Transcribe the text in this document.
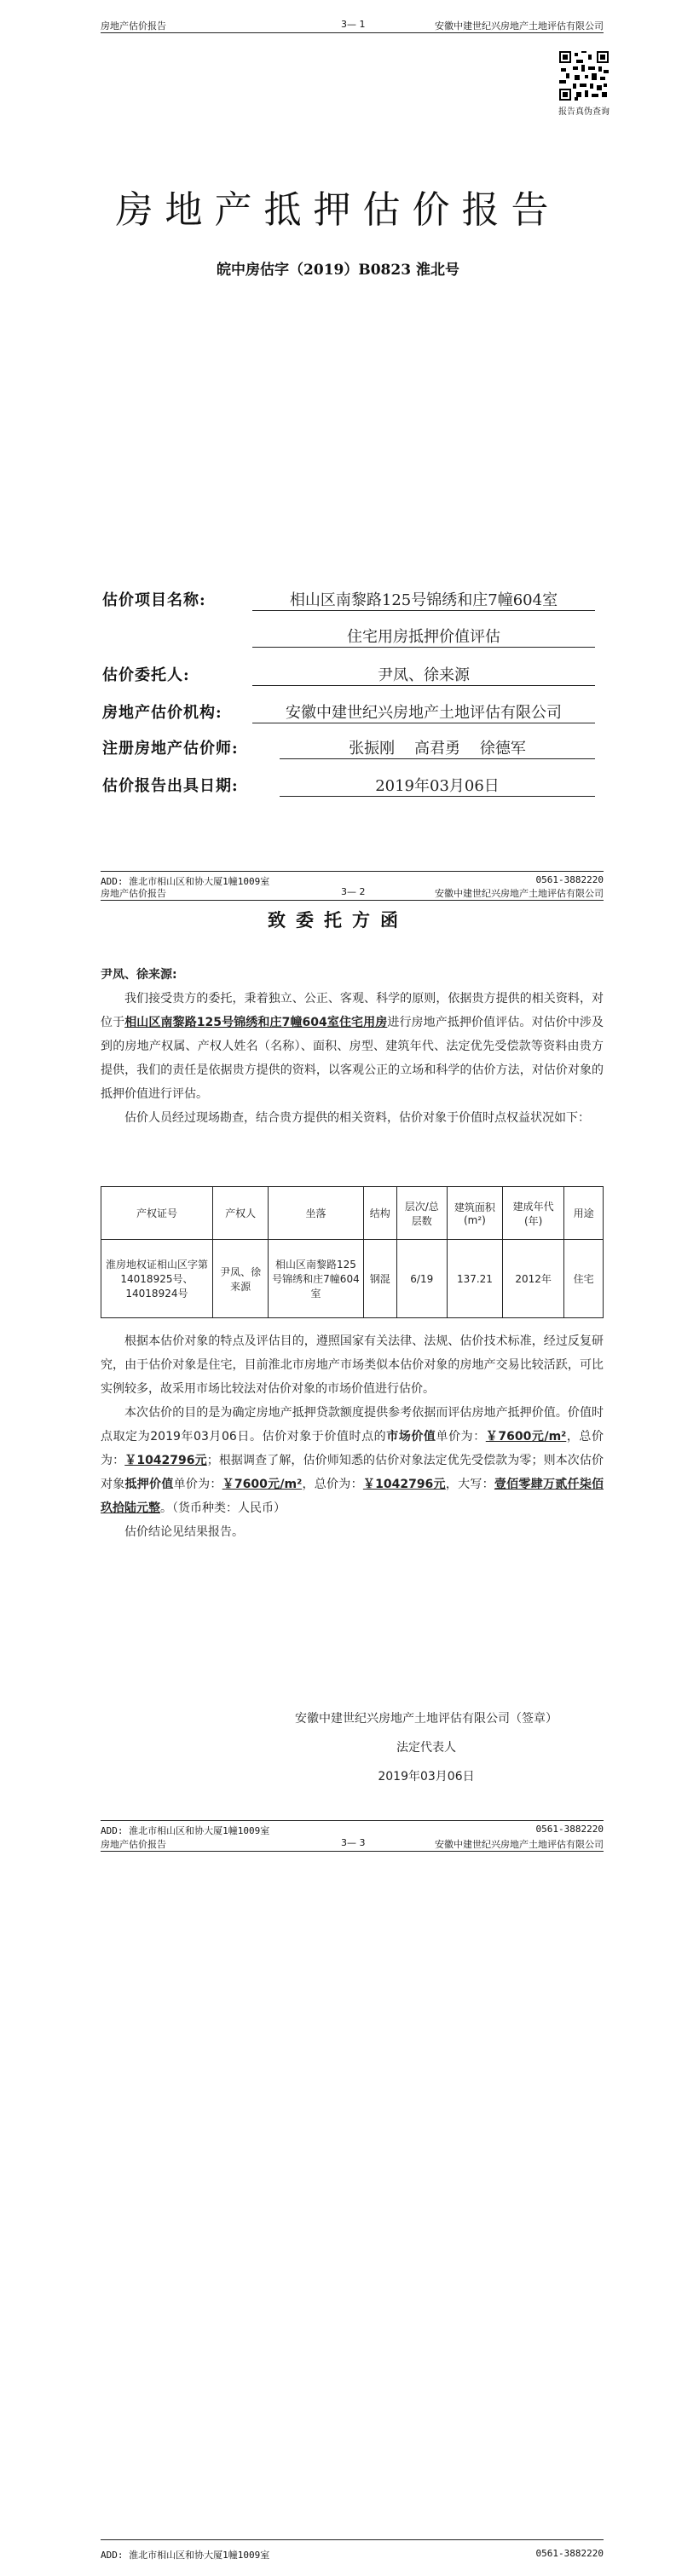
房地产估价报告	3— 1	安徽中建世纪兴房地产土地评估有限公司
报告真伪查询
房地产抵押估价报告
皖中房估字（2019）B0823 淮北号
估价项目名称:	相山区南黎路125号锦绣和庄7幢604室
住宅用房抵押价值评估
估价委托人:	尹凤、徐来源
房地产估价机构:	安徽中建世纪兴房地产土地评估有限公司
注册房地产估价师:	张振刚    高君勇    徐德军
估价报告出具日期:	2019年03月06日
ADD: 淮北市相山区和协大厦1幢1009室	0561-3882220
房地产估价报告	3— 2	安徽中建世纪兴房地产土地评估有限公司
致委托方函
尹凤、徐来源:

我们接受贵方的委托，秉着独立、公正、客观、科学的原则，依据贵方提供的相关资料，对位于相山区南黎路125号锦绣和庄7幢604室住宅用房进行房地产抵押价值评估。对估价中涉及到的房地产权属、产权人姓名（名称）、面积、房型、建筑年代、法定优先受偿款等资料由贵方提供，我们的责任是依据贵方提供的资料，以客观公正的立场和科学的估价方法，对估价对象的抵押价值进行评估。

估价人员经过现场勘查，结合贵方提供的相关资料，估价对象于价值时点权益状况如下：

产权证号	产权人	坐落	结构	层次/总层数	建筑面积(m²)	建成年代(年)	用途
淮房地权证相山区字第14018925号、14018924号	尹凤、徐来源	相山区南黎路125号锦绣和庄7幢604室	钢混	6/19	137.21	2012年	住宅

根据本估价对象的特点及评估目的，遵照国家有关法律、法规、估价技术标准，经过反复研究，由于估价对象是住宅，目前淮北市房地产市场类似本估价对象的房地产交易比较活跃，可比实例较多，故采用市场比较法对估价对象的市场价值进行估价。

本次估价的目的是为确定房地产抵押贷款额度提供参考依据而评估房地产抵押价值。价值时点取定为2019年03月06日。估价对象于价值时点的市场价值单价为：￥7600元/m²，总价为：￥1042796元；根据调查了解，估价师知悉的估价对象法定优先受偿款为零；则本次估价对象抵押价值单价为：￥7600元/m²，总价为：￥1042796元，大写：壹佰零肆万贰仟柒佰玖拾陆元整。（货币种类：人民币）

估价结论见结果报告。

安徽中建世纪兴房地产土地评估有限公司（签章）
法定代表人
2019年03月06日
ADD: 淮北市相山区和协大厦1幢1009室	0561-3882220
房地产估价报告	3— 3	安徽中建世纪兴房地产土地评估有限公司
ADD: 淮北市相山区和协大厦1幢1009室	0561-3882220
